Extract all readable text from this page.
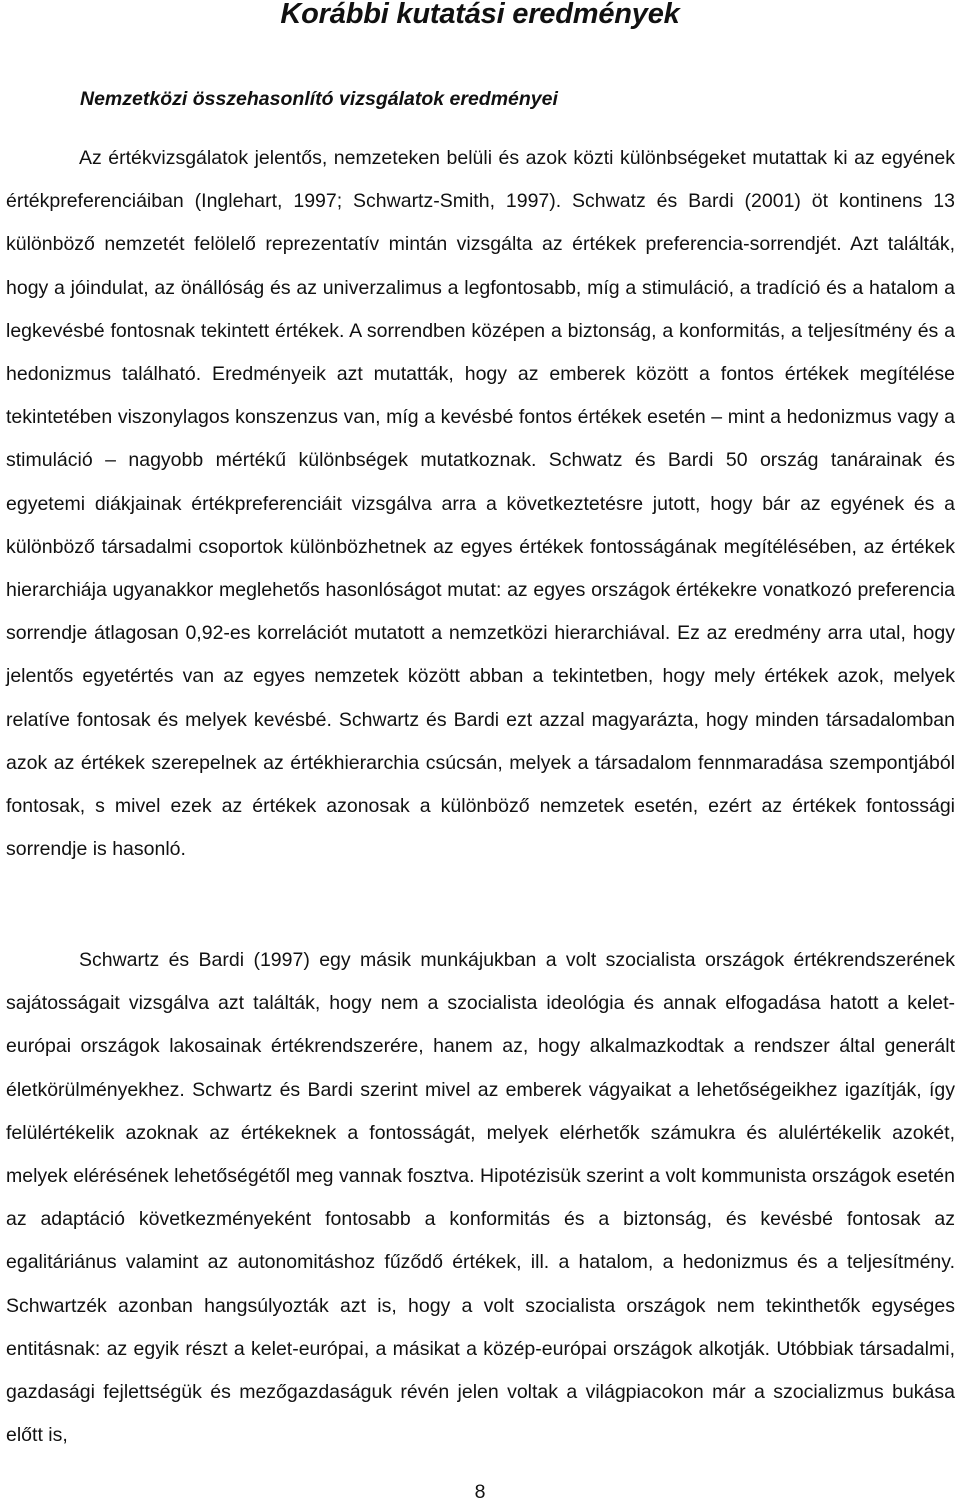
Korábbi kutatási eredmények
Nemzetközi összehasonlító vizsgálatok eredményei

Az értékvizsgálatok jelentős, nemzeteken belüli és azok közti különbségeket mutattak ki az egyének értékpreferenciáiban (Inglehart, 1997; Schwartz-Smith, 1997). Schwatz és Bardi (2001) öt kontinens 13 különböző nemzetét felölelő reprezentatív mintán vizsgálta az értékek preferencia-sorrendjét. Azt találták, hogy a jóindulat, az önállóság és az univerzalimus a legfontosabb, míg a stimuláció, a tradíció és a hatalom a legkevésbé fontosnak tekintett értékek. A sorrendben középen a biztonság, a konformitás, a teljesítmény és a hedonizmus található. Eredményeik azt mutatták, hogy az emberek között a fontos értékek megítélése tekintetében viszonylagos konszenzus van, míg a kevésbé fontos értékek esetén – mint a hedonizmus vagy a stimuláció – nagyobb mértékű különbségek mutatkoznak. Schwatz és Bardi 50 ország tanárainak és egyetemi diákjainak értékpreferenciáit vizsgálva arra a következtetésre jutott, hogy bár az egyének és a különböző társadalmi csoportok különbözhetnek az egyes értékek fontosságának megítélésében, az értékek hierarchiája ugyanakkor meglehetős hasonlóságot mutat: az egyes országok értékekre vonatkozó preferencia sorrendje átlagosan 0,92-es korrelációt mutatott a nemzetközi hierarchiával. Ez az eredmény arra utal, hogy jelentős egyetértés van az egyes nemzetek között abban a tekintetben, hogy mely értékek azok, melyek relatíve fontosak és melyek kevésbé. Schwartz és Bardi ezt azzal magyarázta, hogy minden társadalomban azok az értékek szerepelnek az értékhierarchia csúcsán, melyek a társadalom fennmaradása szempontjából fontosak, s mivel ezek az értékek azonosak a különböző nemzetek esetén, ezért az értékek fontossági sorrendje is hasonló.

Schwartz és Bardi (1997) egy másik munkájukban a volt szocialista országok értékrendszerének sajátosságait vizsgálva azt találták, hogy nem a szocialista ideológia és annak elfogadása hatott a kelet-európai országok lakosainak értékrendszerére, hanem az, hogy alkalmazkodtak a rendszer által generált életkörülményekhez. Schwartz és Bardi szerint mivel az emberek vágyaikat a lehetőségeikhez igazítják, így felülértékelik azoknak az értékeknek a fontosságát, melyek elérhetők számukra és alulértékelik azokét, melyek elérésének lehetőségétől meg vannak fosztva. Hipotézisük szerint a volt kommunista országok esetén az adaptáció következményeként fontosabb a konformitás és a biztonság, és kevésbé fontosak az egalitáriánus valamint az autonomitáshoz fűződő értékek, ill. a hatalom, a hedonizmus és a teljesítmény. Schwartzék azonban hangsúlyozták azt is, hogy a volt szocialista országok nem tekinthetők egységes entitásnak: az egyik részt a kelet-európai, a másikat a közép-európai országok alkotják. Utóbbiak társadalmi, gazdasági fejlettségük és mezőgazdaságuk révén jelen voltak a világpiacokon már a szocializmus bukása előtt is,

8
